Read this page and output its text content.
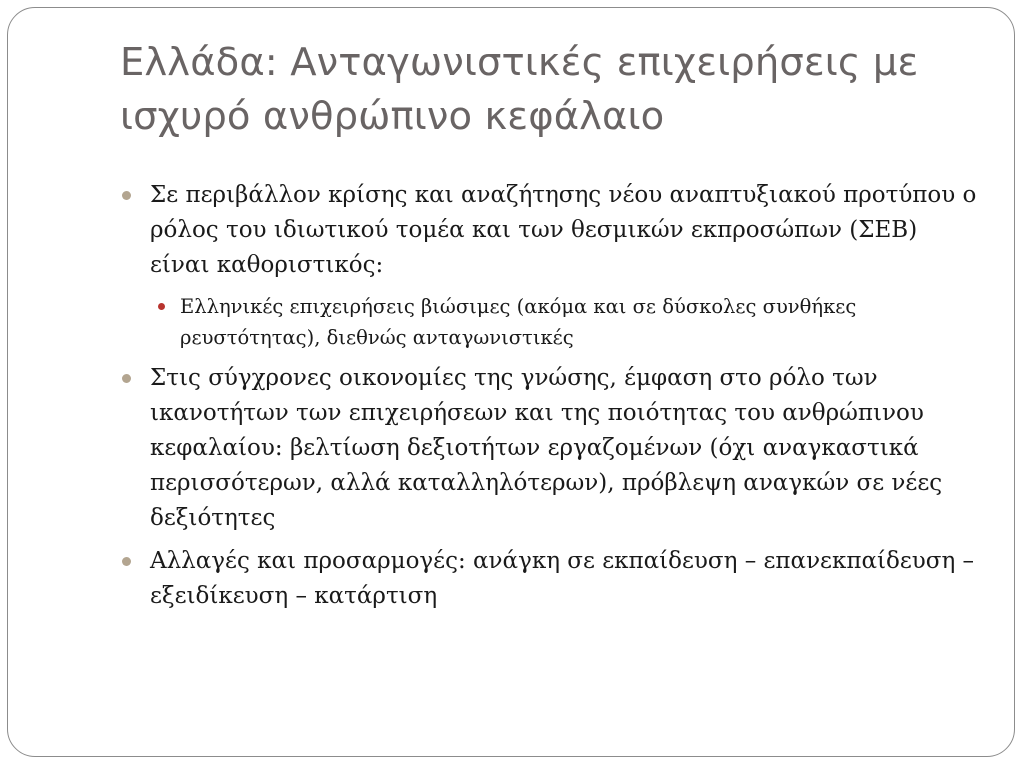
Ελλάδα: Ανταγωνιστικές επιχειρήσεις με ισχυρό ανθρώπινο κεφάλαιο
Σε περιβάλλον κρίσης και αναζήτησης νέου αναπτυξιακού προτύπου ο ρόλος του ιδιωτικού τομέα και των θεσμικών εκπροσώπων (ΣΕΒ) είναι καθοριστικός:
Ελληνικές επιχειρήσεις βιώσιμες (ακόμα και σε δύσκολες συνθήκες ρευστότητας), διεθνώς ανταγωνιστικές
Στις σύγχρονες οικονομίες της γνώσης, έμφαση στο ρόλο των ικανοτήτων των επιχειρήσεων και της ποιότητας του ανθρώπινου κεφαλαίου: βελτίωση δεξιοτήτων εργαζομένων (όχι αναγκαστικά περισσότερων, αλλά καταλληλότερων), πρόβλεψη αναγκών σε νέες δεξιότητες
Αλλαγές και προσαρμογές: ανάγκη σε εκπαίδευση – επανεκπαίδευση – εξειδίκευση – κατάρτιση
